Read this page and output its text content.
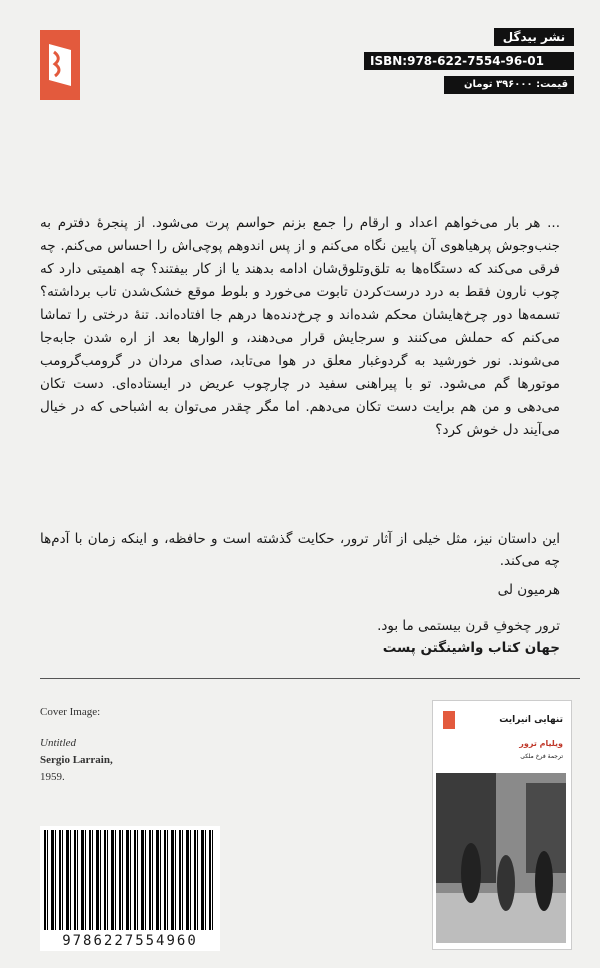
نشر بیدگل
ISBN:978-622-7554-96-01
قیمت: ۳۹۶۰۰۰ تومان
... هر بار می‌خواهم اعداد و ارقام را جمع بزنم حواسم پرت می‌شود. از پنجرهٔ دفترم به جنب‌وجوش پرهیاهوی آن پایین نگاه می‌کنم و از پس اندوهم پوچی‌اش را احساس می‌کنم. چه فرقی می‌کند که دستگاه‌ها به تلق‌وتلوق‌شان ادامه بدهند یا از کار بیفتند؟ چه اهمیتی دارد که چوب نارون فقط به درد درست‌کردن تابوت می‌خورد و بلوط موقع خشک‌شدن تاب برداشته؟ تسمه‌ها دور چرخ‌هایشان محکم شده‌اند و چرخ‌دنده‌ها درهم جا افتاده‌اند. تنهٔ درختی را تماشا می‌کنم که حملش می‌کنند و سرجایش قرار می‌دهند، و الوارها بعد از اره شدن جابه‌جا می‌شوند. نور خورشید به گردوغبار معلق در هوا می‌تابد، صدای مردان در گرومب‌گرومب موتورها گم می‌شود. تو با پیراهنی سفید در چارچوب عریض در ایستاده‌ای. دست تکان می‌دهی و من هم برایت دست تکان می‌دهم. اما مگر چقدر می‌توان به اشباحی که در خیال می‌آیند دل خوش کرد؟
این داستان نیز، مثل خیلی از آثار ترور، حکایت گذشته است و حافظه، و اینکه زمان با آدم‌ها چه می‌کند.
هرمیون لی
ترور چخوفِ قرن بیستمی ما بود.
جهان کتاب واشینگتن پست
Cover Image:
Untitled
Sergio Larrain,
1959.
9786227554960
تنهایی انیرایت
ویلیام ترور
ترجمهٔ فرخ ملکی
